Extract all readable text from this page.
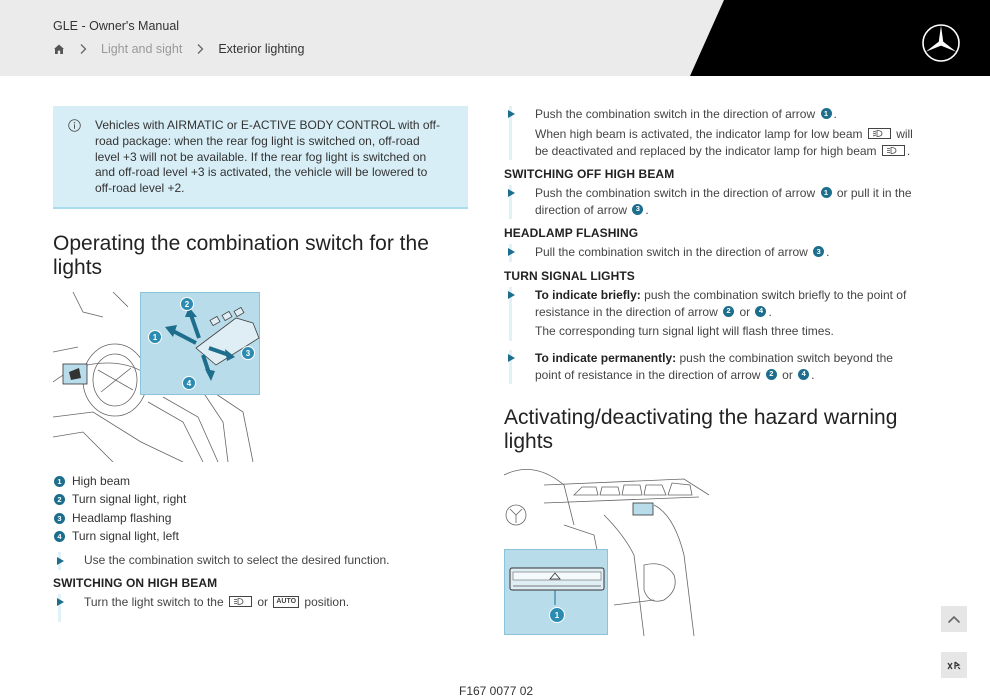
GLE - Owner's Manual
Light and sight	Exterior lighting
Vehicles with AIRMATIC or E-ACTIVE BODY CONTROL with off-road package: when the rear fog light is switched on, off-road level +3 will not be available. If the rear fog light is switched on and off-road level +3 is activated, the vehicle will be lowered to off-road level +2.
Operating the combination switch for the lights
2
1
3
4
1 High beam
2 Turn signal light, right
3 Headlamp flashing
4 Turn signal light, left
Use the combination switch to select the desired function.
SWITCHING ON HIGH BEAM
Turn the light switch to the	or AUTO position.
Push the combination switch in the direction of arrow 1 .
When high beam is activated, the indicator lamp for low beam	will be deactivated and replaced by the indicator lamp for high beam	.
SWITCHING OFF HIGH BEAM
Push the combination switch in the direction of arrow 1 or pull it in the direction of arrow 3 .
HEADLAMP FLASHING
Pull the combination switch in the direction of arrow 3 .
TURN SIGNAL LIGHTS
To indicate briefly: push the combination switch briefly to the point of resistance in the direction of arrow 2 or 4 .
The corresponding turn signal light will flash three times.
To indicate permanently: push the combination switch beyond the point of resistance in the direction of arrow 2 or 4 .
Activating/deactivating the hazard warning lights
1
F167 0077 02
